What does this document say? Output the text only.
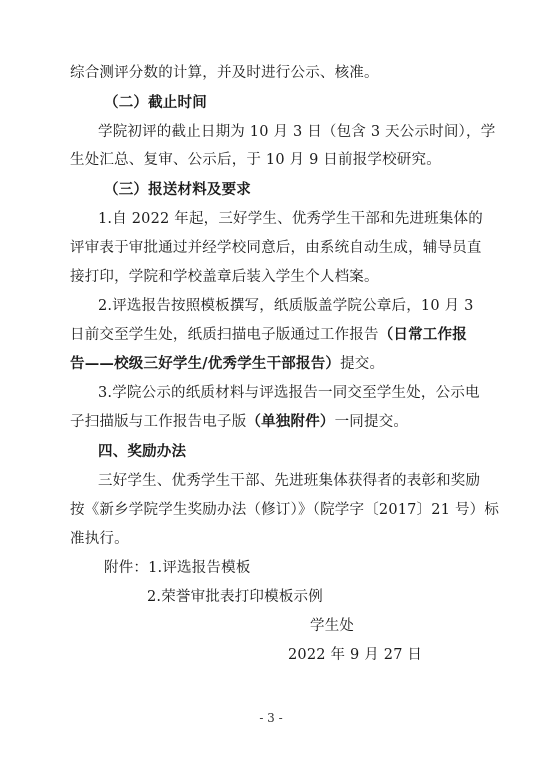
综合测评分数的计算，并及时进行公示、核准。
（二）截止时间
学院初评的截止日期为 10 月 3 日（包含 3 天公示时间），学
生处汇总、复审、公示后，于 10 月 9 日前报学校研究。
（三）报送材料及要求
1.自 2022 年起，三好学生、优秀学生干部和先进班集体的
评审表于审批通过并经学校同意后，由系统自动生成，辅导员直
接打印，学院和学校盖章后装入学生个人档案。
2.评选报告按照模板撰写，纸质版盖学院公章后，10 月 3
日前交至学生处，纸质扫描电子版通过工作报告（日常工作报
告——校级三好学生/优秀学生干部报告）提交。
3.学院公示的纸质材料与评选报告一同交至学生处，公示电
子扫描版与工作报告电子版（单独附件）一同提交。
四、奖励办法
三好学生、优秀学生干部、先进班集体获得者的表彰和奖励
按《新乡学院学生奖励办法（修订）》（院学字〔2017〕21 号）标
准执行。
附件：1.评选报告模板
2.荣誉审批表打印模板示例
学生处
2022 年 9 月 27 日
- 3 -
